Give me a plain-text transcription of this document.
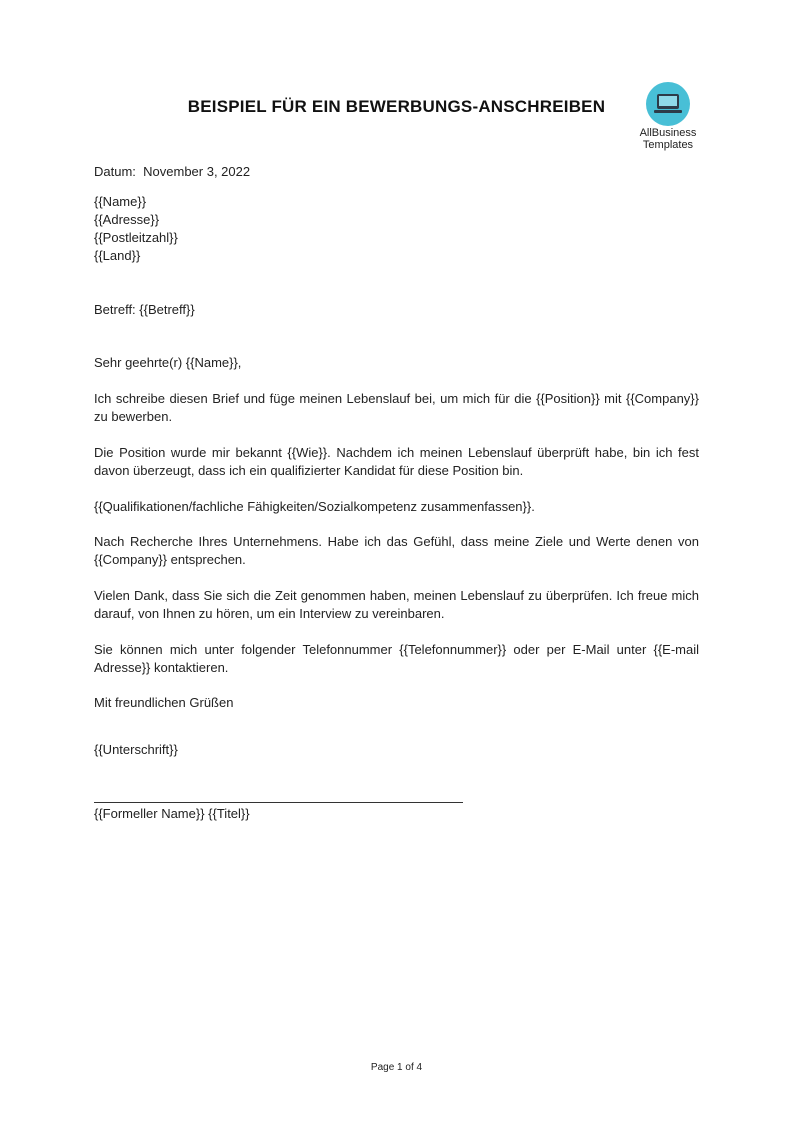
BEISPIEL FÜR EIN BEWERBUNGS-ANSCHREIBEN
AllBusiness
Templates
Datum: November 3, 2022

{{Name}}

{{Adresse}}

{{Postleitzahl}}

{{Land}}

Betreff: {{Betreff}}
Sehr geehrte(r) {{Name}},
Ich schreibe diesen Brief und füge meinen Lebenslauf bei, um mich für die {{Position}} mit {{Company}} zu bewerben.
Die Position wurde mir bekannt {{Wie}}. Nachdem ich meinen Lebenslauf überprüft habe, bin ich fest davon überzeugt, dass ich ein qualifizierter Kandidat für diese Position bin.
{{Qualifikationen/fachliche Fähigkeiten/Sozialkompetenz zusammenfassen}}.
Nach Recherche Ihres Unternehmens. Habe ich das Gefühl, dass meine Ziele und Werte denen von {{Company}} entsprechen.
Vielen Dank, dass Sie sich die Zeit genommen haben, meinen Lebenslauf zu überprüfen. Ich freue mich darauf, von Ihnen zu hören, um ein Interview zu vereinbaren.
Sie können mich unter folgender Telefonnummer {{Telefonnummer}} oder per E-Mail unter {{E-mail Adresse}} kontaktieren.
Mit freundlichen Grüßen
{{Unterschrift}}
{{Formeller Name}} {{Titel}}
Page 1 of 4
